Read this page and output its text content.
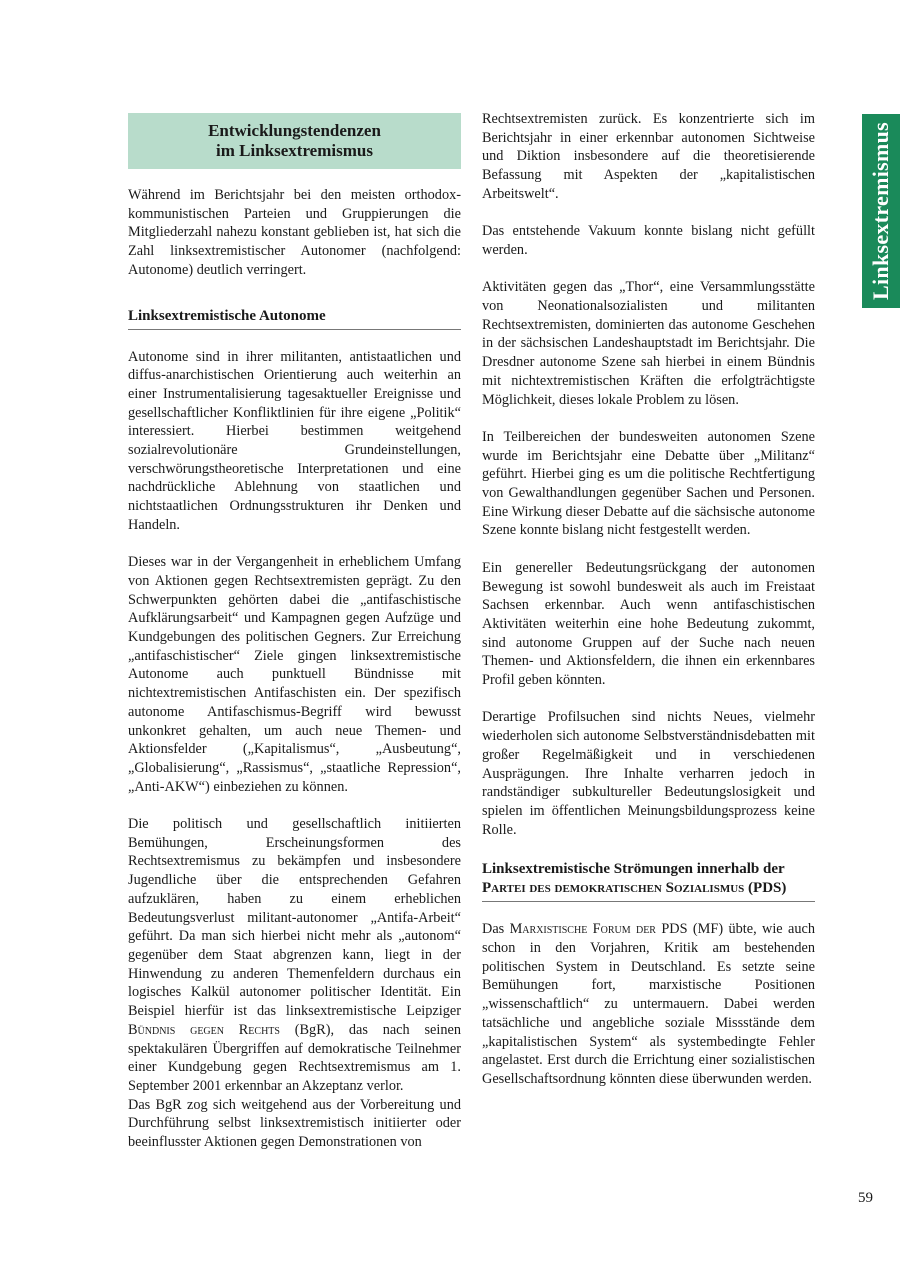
Linksextremismus
Entwicklungstendenzen
im Linksextremismus

Während im Berichtsjahr bei den meisten orthodox-kommunistischen Parteien und Gruppierungen die Mitgliederzahl nahezu konstant geblieben ist, hat sich die Zahl linksextremistischer Autonomer (nachfolgend: Autonome) deutlich verringert.

Linksextremistische Autonome

Autonome sind in ihrer militanten, antistaatlichen und diffus-anarchistischen Orientierung auch weiterhin an einer Instrumentalisierung tagesaktueller Ereignisse und gesellschaftlicher Konfliktlinien für ihre eigene „Politik“ interessiert. Hierbei bestimmen weitgehend sozialrevolutionäre Grundeinstellungen, verschwörungstheoretische Interpretationen und eine nachdrückliche Ablehnung von staatlichen und nichtstaatlichen Ordnungsstrukturen ihr Denken und Handeln.

Dieses war in der Vergangenheit in erheblichem Umfang von Aktionen gegen Rechtsextremisten geprägt. Zu den Schwerpunkten gehörten dabei die „antifaschistische Aufklärungsarbeit“ und Kampagnen gegen Aufzüge und Kundgebungen des politischen Gegners. Zur Erreichung „antifaschistischer“ Ziele gingen linksextremistische Autonome auch punktuell Bündnisse mit nichtextremistischen Antifaschisten ein. Der spezifisch autonome Antifaschismus-Begriff wird bewusst unkonkret gehalten, um auch neue Themen- und Aktionsfelder („Kapitalismus“, „Ausbeutung“, „Globalisierung“, „Rassismus“, „staatliche Repression“, „Anti-AKW“) einbeziehen zu können.

Die politisch und gesellschaftlich initiierten Bemühungen, Erscheinungsformen des Rechtsextremismus zu bekämpfen und insbesondere Jugendliche über die entsprechenden Gefahren aufzuklären, haben zu einem erheblichen Bedeutungsverlust militant-autonomer „Antifa-Arbeit“ geführt. Da man sich hierbei nicht mehr als „autonom“ gegenüber dem Staat abgrenzen kann, liegt in der Hinwendung zu anderen Themenfeldern durchaus ein logisches Kalkül autonomer politischer Identität. Ein Beispiel hierfür ist das linksextremistische Leipziger Bündnis gegen Rechts (BgR), das nach seinen spektakulären Übergriffen auf demokratische Teilnehmer einer Kundgebung gegen Rechtsextremismus am 1. September 2001 erkennbar an Akzeptanz verlor.

Das BgR zog sich weitgehend aus der Vorbereitung und Durchführung selbst linksextremistisch initiierter oder beeinflusster Aktionen gegen Demonstrationen von

Rechtsextremisten zurück. Es konzentrierte sich im Berichtsjahr in einer erkennbar autonomen Sichtweise und Diktion insbesondere auf die theoretisierende Befassung mit Aspekten der „kapitalistischen Arbeitswelt“.

Das entstehende Vakuum konnte bislang nicht gefüllt werden.

Aktivitäten gegen das „Thor“, eine Versammlungsstätte von Neonationalsozialisten und militanten Rechtsextremisten, dominierten das autonome Geschehen in der sächsischen Landeshauptstadt im Berichtsjahr. Die Dresdner autonome Szene sah hierbei in einem Bündnis mit nichtextremistischen Kräften die erfolgträchtigste Möglichkeit, dieses lokale Problem zu lösen.

In Teilbereichen der bundesweiten autonomen Szene wurde im Berichtsjahr eine Debatte über „Militanz“ geführt. Hierbei ging es um die politische Rechtfertigung von Gewalthandlungen gegenüber Sachen und Personen. Eine Wirkung dieser Debatte auf die sächsische autonome Szene konnte bislang nicht festgestellt werden.

Ein genereller Bedeutungsrückgang der autonomen Bewegung ist sowohl bundesweit als auch im Freistaat Sachsen erkennbar. Auch wenn antifaschistischen Aktivitäten weiterhin eine hohe Bedeutung zukommt, sind autonome Gruppen auf der Suche nach neuen Themen- und Aktionsfeldern, die ihnen ein erkennbares Profil geben könnten.

Derartige Profilsuchen sind nichts Neues, vielmehr wiederholen sich autonome Selbstverständnisdebatten mit großer Regelmäßigkeit und in verschiedenen Ausprägungen. Ihre Inhalte verharren jedoch in randständiger subkultureller Bedeutungslosigkeit und spielen im öffentlichen Meinungsbildungsprozess keine Rolle.

Linksextremistische Strömungen innerhalb der Partei des demokratischen Sozialismus (PDS)

Das Marxistische Forum der PDS (MF) übte, wie auch schon in den Vorjahren, Kritik am bestehenden politischen System in Deutschland. Es setzte seine Bemühungen fort, marxistische Positionen „wissenschaftlich“ zu untermauern. Dabei werden tatsächliche und angebliche soziale Missstände dem „kapitalistischen System“ als systembedingte Fehler angelastet. Erst durch die Errichtung einer sozialistischen Gesellschaftsordnung könnten diese überwunden werden.

59
